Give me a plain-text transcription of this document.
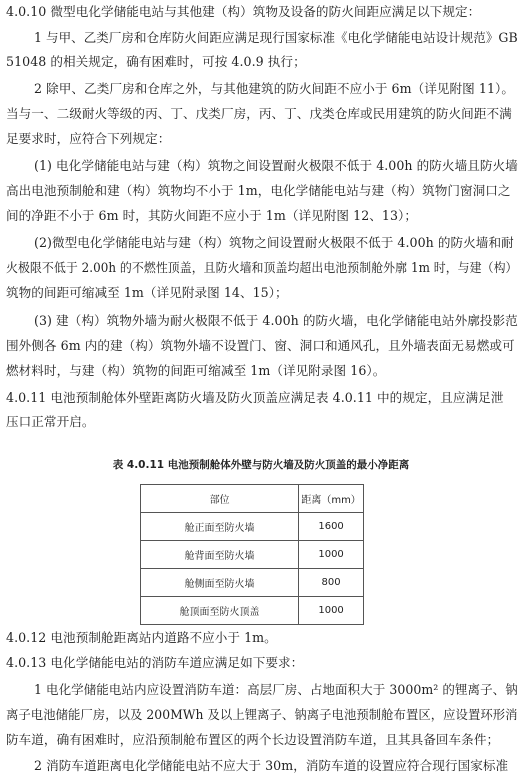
4.0.10 微型电化学储能电站与其他建（构）筑物及设备的防火间距应满足以下规定：
1 与甲、乙类厂房和仓库防火间距应满足现行国家标准《电化学储能电站设计规范》GB
51048 的相关规定，确有困难时，可按 4.0.9 执行；
2 除甲、乙类厂房和仓库之外，与其他建筑的防火间距不应小于 6m（详见附图 11）。
当与一、二级耐火等级的丙、丁、戊类厂房，丙、丁、戊类仓库或民用建筑的防火间距不满
足要求时，应符合下列规定：
(1) 电化学储能电站与建（构）筑物之间设置耐火极限不低于 4.00h 的防火墙且防火墙
高出电池预制舱和建（构）筑物均不小于 1m，电化学储能电站与建（构）筑物门窗洞口之
间的净距不小于 6m 时，其防火间距不应小于 1m（详见附图 12、13）；
(2)微型电化学储能电站与建（构）筑物之间设置耐火极限不低于 4.00h 的防火墙和耐
火极限不低于 2.00h 的不燃性顶盖，且防火墙和顶盖均超出电池预制舱外廓 1m 时，与建（构）
筑物的间距可缩减至 1m（详见附录图 14、15）；
(3) 建（构）筑物外墙为耐火极限不低于 4.00h 的防火墙，电化学储能电站外廓投影范
围外侧各 6m 内的建（构）筑物外墙不设置门、窗、洞口和通风孔，且外墙表面无易燃或可
燃材料时，与建（构）筑物的间距可缩减至 1m（详见附录图 16）。
4.0.11 电池预制舱体外壁距离防火墙及防火顶盖应满足表 4.0.11 中的规定，且应满足泄
压口正常开启。
表 4.0.11 电池预制舱体外壁与防火墙及防火顶盖的最小净距离
部位	距离（mm）
舱正面至防火墙	1600
舱背面至防火墙	1000
舱侧面至防火墙	800
舱顶面至防火顶盖	1000
4.0.12 电池预制舱距离站内道路不应小于 1m。
4.0.13 电化学储能电站的消防车道应满足如下要求：
1 电化学储能电站内应设置消防车道：高层厂房、占地面积大于 3000m² 的锂离子、钠
离子电池储能厂房，以及 200MWh 及以上锂离子、钠离子电池预制舱布置区，应设置环形消
防车道，确有困难时，应沿预制舱布置区的两个长边设置消防车道，且其具备回车条件；
2 消防车道距离电化学储能电站不应大于 30m，消防车道的设置应符合现行国家标准
